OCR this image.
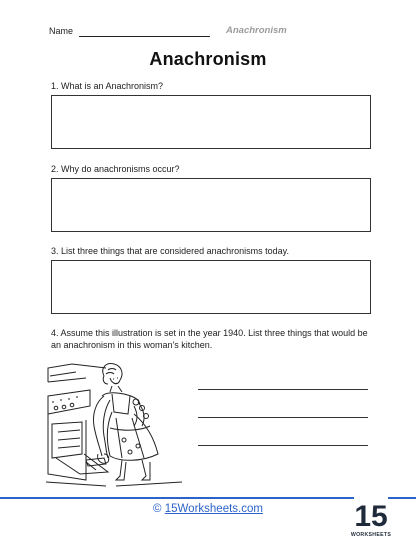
Name	Anachronism
Anachronism
1. What is an Anachronism?
2. Why do anachronisms occur?
3. List three things that are considered anachronisms today.
4. Assume this illustration is set in the year 1940. List three things that would be an anachronism in this woman's kitchen.
© 15Worksheets.com	15
WORKSHEETS
